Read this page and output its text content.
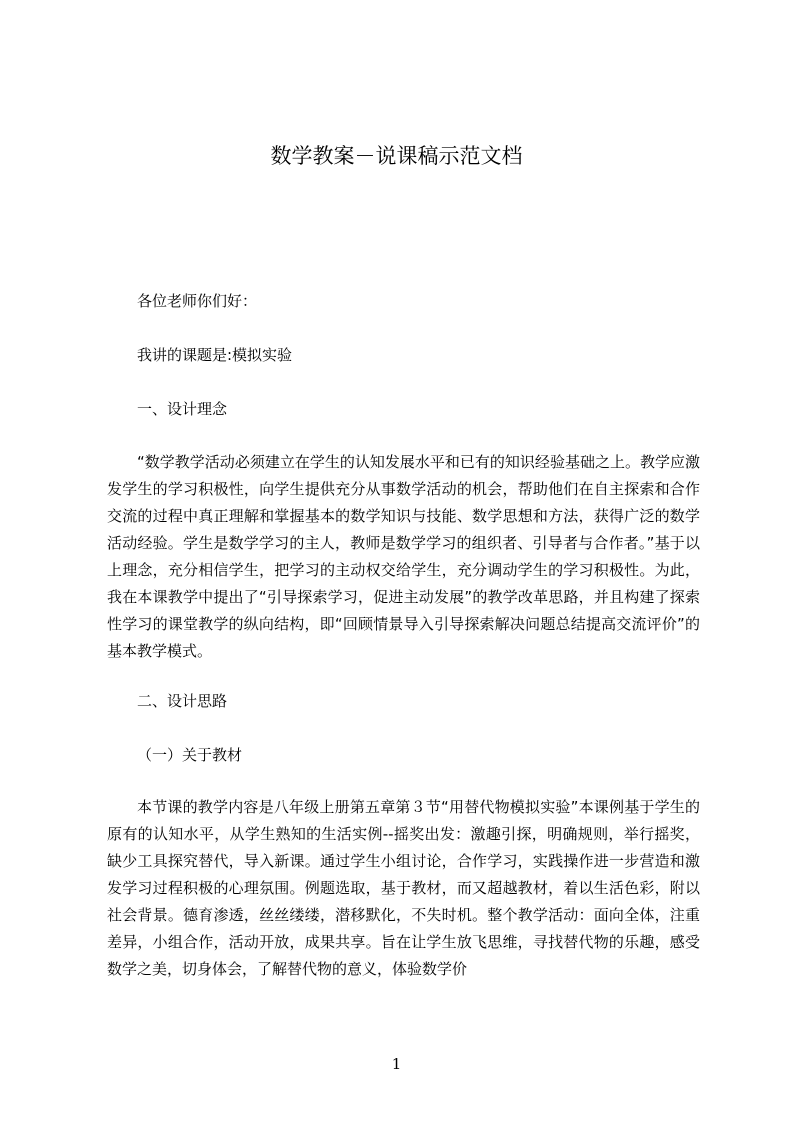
数学教案－说课稿示范文档
各位老师你们好：
我讲的课题是:模拟实验
一、设计理念
“数学教学活动必须建立在学生的认知发展水平和已有的知识经验基础之上。教学应激发学生的学习积极性，向学生提供充分从事数学活动的机会，帮助他们在自主探索和合作交流的过程中真正理解和掌握基本的数学知识与技能、数学思想和方法，获得广泛的数学活动经验。学生是数学学习的主人，教师是数学学习的组织者、引导者与合作者。”基于以上理念，充分相信学生，把学习的主动权交给学生，充分调动学生的学习积极性。为此，我在本课教学中提出了“引导探索学习，促进主动发展”的教学改革思路，并且构建了探索性学习的课堂教学的纵向结构，即“回顾情景导入引导探索解决问题总结提高交流评价”的基本教学模式。
二、设计思路
（一）关于教材
本节课的教学内容是八年级上册第五章第３节“用替代物模拟实验”本课例基于学生的原有的认知水平，从学生熟知的生活实例--摇奖出发：激趣引探，明确规则，举行摇奖，缺少工具探究替代，导入新课。通过学生小组讨论，合作学习，实践操作进一步营造和激发学习过程积极的心理氛围。例题选取，基于教材，而又超越教材，着以生活色彩，附以社会背景。德育渗透，丝丝缕缕，潜移默化，不失时机。整个教学活动：面向全体，注重差异，小组合作，活动开放，成果共享。旨在让学生放飞思维，寻找替代物的乐趣，感受数学之美，切身体会，了解替代物的意义，体验数学价
1
